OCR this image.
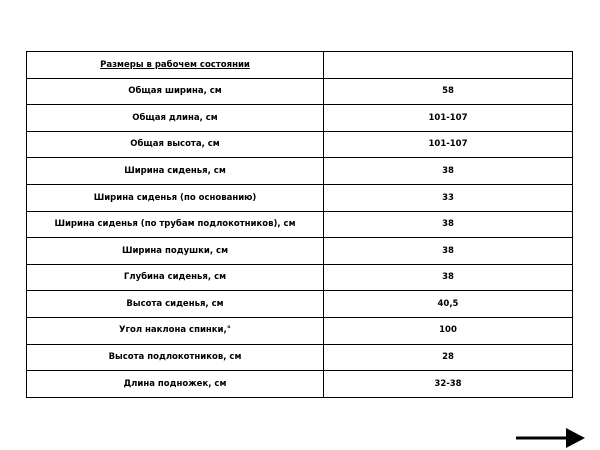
Размеры в рабочем состоянии	
Общая ширина, см	58
Общая длина, см	101-107
Общая высота, см	101-107
Ширина сиденья, см	38
Ширина сиденья (по основанию)	33
Ширина сиденья (по трубам подлокотников), см	38
Ширина подушки, см	38
Глубина сиденья, см	38
Высота сиденья, см	40,5
Угол наклона спинки,°	100
Высота подлокотников, см	28
Длина подножек, см	32-38
